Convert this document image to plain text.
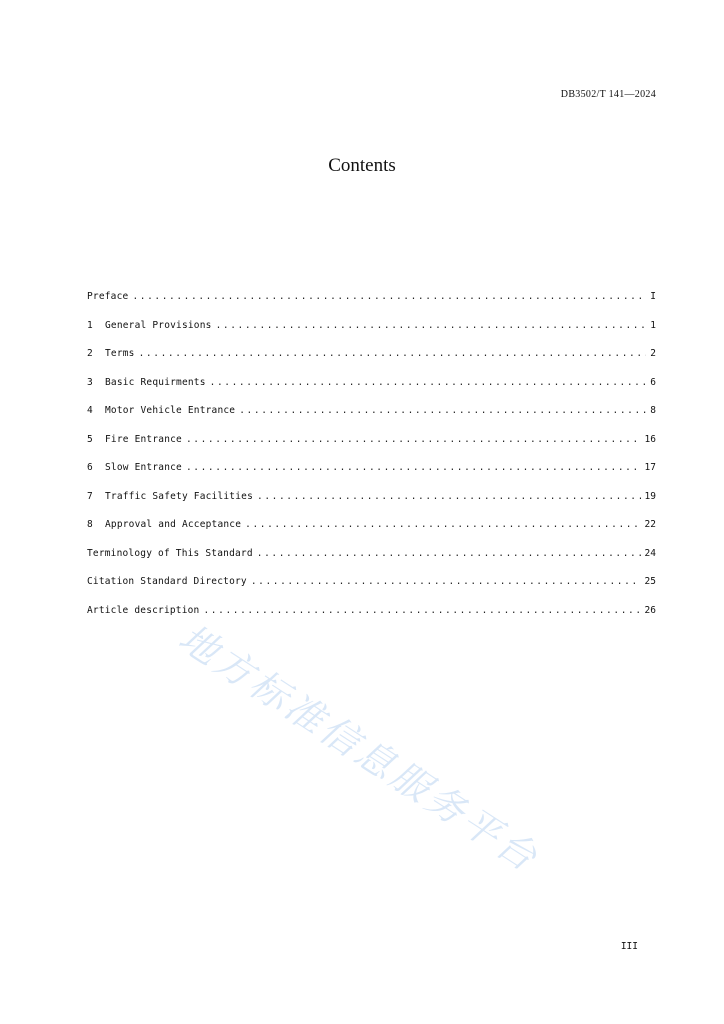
DB3502/T 141—2024
Contents
Preface .....	I
1	General Provisions .....	1
2	Terms .....	2
3	Basic Requirments .....	6
4	Motor Vehicle Entrance .....	8
5	Fire Entrance .....	16
6	Slow Entrance .....	17
7	Traffic Safety Facilities .....	19
8	Approval and Acceptance .....	22
Terminology of This Standard .....	24
Citation Standard Directory .....	25
Article description .....	26
地方标准信息服务平台
III
